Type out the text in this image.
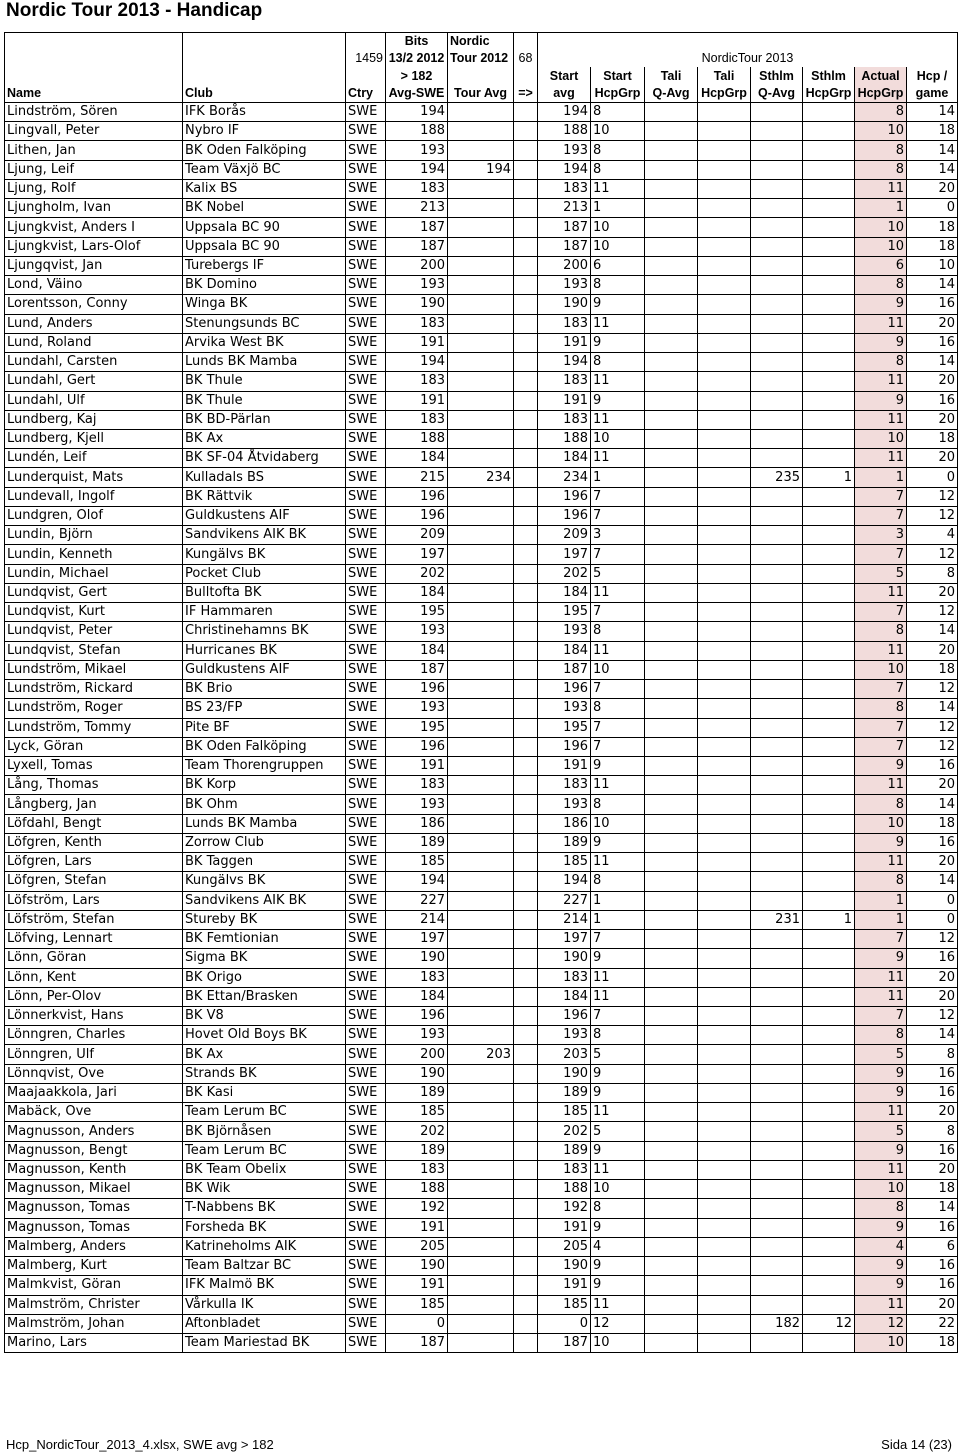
Nordic Tour 2013 - Handicap
			Bits	Nordic									
		1459	13/2 2012	Tour 2012	68	NordicTour 2013							
			> 182			Start	Start	Tali	Tali	Sthlm	Sthlm	Actual	Hcp /
Name	Club	Ctry	Avg-SWE	Tour Avg	=>	avg	HcpGrp	Q-Avg	HcpGrp	Q-Avg	HcpGrp	HcpGrp	game
Lindström, Sören	IFK Borås	SWE	194			194	8					8	14
Lingvall, Peter	Nybro IF	SWE	188			188	10					10	18
Lithen, Jan	BK Oden Falköping	SWE	193			193	8					8	14
Ljung, Leif	Team Växjö BC	SWE	194	194		194	8					8	14
Ljung, Rolf	Kalix BS	SWE	183			183	11					11	20
Ljungholm, Ivan	BK Nobel	SWE	213			213	1					1	0
Ljungkvist, Anders I	Uppsala BC 90	SWE	187			187	10					10	18
Ljungkvist, Lars-Olof	Uppsala BC 90	SWE	187			187	10					10	18
Ljungqvist, Jan	Turebergs IF	SWE	200			200	6					6	10
Lond, Väino	BK Domino	SWE	193			193	8					8	14
Lorentsson, Conny	Winga BK	SWE	190			190	9					9	16
Lund, Anders	Stenungsunds BC	SWE	183			183	11					11	20
Lund, Roland	Arvika West BK	SWE	191			191	9					9	16
Lundahl, Carsten	Lunds BK Mamba	SWE	194			194	8					8	14
Lundahl, Gert	BK Thule	SWE	183			183	11					11	20
Lundahl, Ulf	BK Thule	SWE	191			191	9					9	16
Lundberg, Kaj	BK BD-Pärlan	SWE	183			183	11					11	20
Lundberg, Kjell	BK Ax	SWE	188			188	10					10	18
Lundén, Leif	BK SF-04 Åtvidaberg	SWE	184			184	11					11	20
Lunderquist, Mats	Kulladals BS	SWE	215	234		234	1			235	1	1	0
Lundevall, Ingolf	BK Rättvik	SWE	196			196	7					7	12
Lundgren, Olof	Guldkustens AIF	SWE	196			196	7					7	12
Lundin, Björn	Sandvikens AIK BK	SWE	209			209	3					3	4
Lundin, Kenneth	Kungälvs BK	SWE	197			197	7					7	12
Lundin, Michael	Pocket Club	SWE	202			202	5					5	8
Lundqvist, Gert	Bulltofta BK	SWE	184			184	11					11	20
Lundqvist, Kurt	IF Hammaren	SWE	195			195	7					7	12
Lundqvist, Peter	Christinehamns BK	SWE	193			193	8					8	14
Lundqvist, Stefan	Hurricanes BK	SWE	184			184	11					11	20
Lundström, Mikael	Guldkustens AIF	SWE	187			187	10					10	18
Lundström, Rickard	BK Brio	SWE	196			196	7					7	12
Lundström, Roger	BS 23/FP	SWE	193			193	8					8	14
Lundström, Tommy	Pite BF	SWE	195			195	7					7	12
Lyck, Göran	BK Oden Falköping	SWE	196			196	7					7	12
Lyxell, Tomas	Team Thorengruppen	SWE	191			191	9					9	16
Lång, Thomas	BK Korp	SWE	183			183	11					11	20
Långberg, Jan	BK Ohm	SWE	193			193	8					8	14
Löfdahl, Bengt	Lunds BK Mamba	SWE	186			186	10					10	18
Löfgren, Kenth	Zorrow Club	SWE	189			189	9					9	16
Löfgren, Lars	BK Taggen	SWE	185			185	11					11	20
Löfgren, Stefan	Kungälvs BK	SWE	194			194	8					8	14
Löfström, Lars	Sandvikens AIK BK	SWE	227			227	1					1	0
Löfström, Stefan	Stureby BK	SWE	214			214	1			231	1	1	0
Löfving, Lennart	BK Femtionian	SWE	197			197	7					7	12
Lönn, Göran	Sigma BK	SWE	190			190	9					9	16
Lönn, Kent	BK Origo	SWE	183			183	11					11	20
Lönn, Per-Olov	BK Ettan/Brasken	SWE	184			184	11					11	20
Lönnerkvist, Hans	BK V8	SWE	196			196	7					7	12
Lönngren, Charles	Hovet Old Boys BK	SWE	193			193	8					8	14
Lönngren, Ulf	BK Ax	SWE	200	203		203	5					5	8
Lönnqvist, Ove	Strands BK	SWE	190			190	9					9	16
Maajaakkola, Jari	BK Kasi	SWE	189			189	9					9	16
Mabäck, Ove	Team Lerum BC	SWE	185			185	11					11	20
Magnusson, Anders	BK Björnåsen	SWE	202			202	5					5	8
Magnusson, Bengt	Team Lerum BC	SWE	189			189	9					9	16
Magnusson, Kenth	BK Team Obelix	SWE	183			183	11					11	20
Magnusson, Mikael	BK Wik	SWE	188			188	10					10	18
Magnusson, Tomas	T-Nabbens BK	SWE	192			192	8					8	14
Magnusson, Tomas	Forsheda BK	SWE	191			191	9					9	16
Malmberg, Anders	Katrineholms AIK	SWE	205			205	4					4	6
Malmberg, Kurt	Team Baltzar BC	SWE	190			190	9					9	16
Malmkvist, Göran	IFK Malmö BK	SWE	191			191	9					9	16
Malmström, Christer	Vårkulla IK	SWE	185			185	11					11	20
Malmström, Johan	Aftonbladet	SWE	0			0	12			182	12	12	22
Marino, Lars	Team Mariestad BK	SWE	187			187	10					10	18
Hcp_NordicTour_2013_4.xlsx, SWE avg > 182	Sida 14 (23)
